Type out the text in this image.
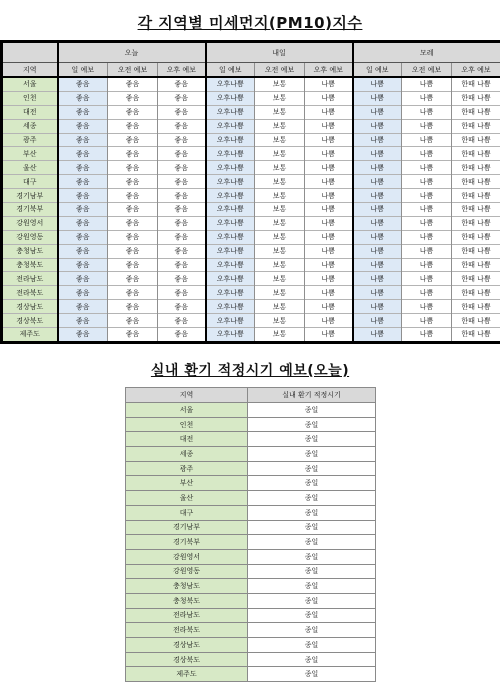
각 지역별 미세먼지(PM10)지수
	오늘			내일			모레		
지역	일 예보	오전 예보	오후 예보	일 예보	오전 예보	오후 예보	일 예보	오전 예보	오후 예보
서울	좋음	좋음	좋음	오후나쁨	보통	나쁨	나쁨	나쁨	한때 나쁨
인천	좋음	좋음	좋음	오후나쁨	보통	나쁨	나쁨	나쁨	한때 나쁨
대전	좋음	좋음	좋음	오후나쁨	보통	나쁨	나쁨	나쁨	한때 나쁨
세종	좋음	좋음	좋음	오후나쁨	보통	나쁨	나쁨	나쁨	한때 나쁨
광주	좋음	좋음	좋음	오후나쁨	보통	나쁨	나쁨	나쁨	한때 나쁨
부산	좋음	좋음	좋음	오후나쁨	보통	나쁨	나쁨	나쁨	한때 나쁨
울산	좋음	좋음	좋음	오후나쁨	보통	나쁨	나쁨	나쁨	한때 나쁨
대구	좋음	좋음	좋음	오후나쁨	보통	나쁨	나쁨	나쁨	한때 나쁨
경기남부	좋음	좋음	좋음	오후나쁨	보통	나쁨	나쁨	나쁨	한때 나쁨
경기북부	좋음	좋음	좋음	오후나쁨	보통	나쁨	나쁨	나쁨	한때 나쁨
강원영서	좋음	좋음	좋음	오후나쁨	보통	나쁨	나쁨	나쁨	한때 나쁨
강원영동	좋음	좋음	좋음	오후나쁨	보통	나쁨	나쁨	나쁨	한때 나쁨
충청남도	좋음	좋음	좋음	오후나쁨	보통	나쁨	나쁨	나쁨	한때 나쁨
충청북도	좋음	좋음	좋음	오후나쁨	보통	나쁨	나쁨	나쁨	한때 나쁨
전라남도	좋음	좋음	좋음	오후나쁨	보통	나쁨	나쁨	나쁨	한때 나쁨
전라북도	좋음	좋음	좋음	오후나쁨	보통	나쁨	나쁨	나쁨	한때 나쁨
경상남도	좋음	좋음	좋음	오후나쁨	보통	나쁨	나쁨	나쁨	한때 나쁨
경상북도	좋음	좋음	좋음	오후나쁨	보통	나쁨	나쁨	나쁨	한때 나쁨
제주도	좋음	좋음	좋음	오후나쁨	보통	나쁨	나쁨	나쁨	한때 나쁨
실내 환기 적정시기 예보(오늘)
지역	실내 환기 적정시기
서울	종일
인천	종일
대전	종일
세종	종일
광주	종일
부산	종일
울산	종일
대구	종일
경기남부	종일
경기북부	종일
강원영서	종일
강원영동	종일
충청남도	종일
충청북도	종일
전라남도	종일
전라북도	종일
경상남도	종일
경상북도	종일
제주도	종일
